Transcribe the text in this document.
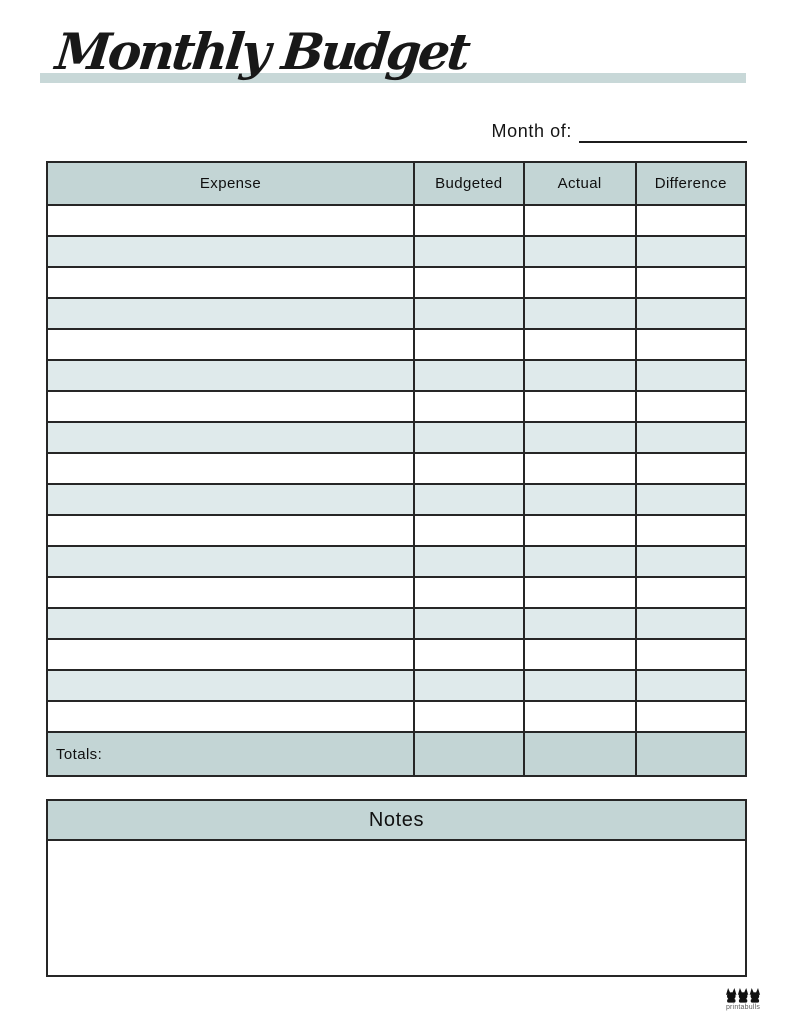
Monthly Budget
Month of:
Expense	Budgeted	Actual	Difference

Totals:			
Notes
printabulls
